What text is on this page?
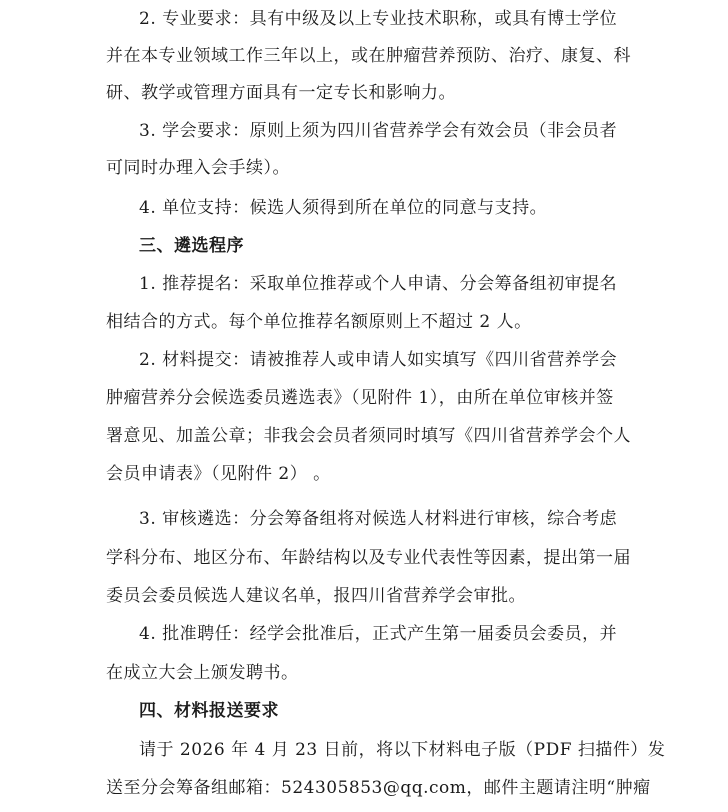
2. 专业要求：具有中级及以上专业技术职称，或具有博士学位
并在本专业领域工作三年以上，或在肿瘤营养预防、治疗、康复、科
研、教学或管理方面具有一定专长和影响力。
3. 学会要求：原则上须为四川省营养学会有效会员（非会员者
可同时办理入会手续）。
4. 单位支持：候选人须得到所在单位的同意与支持。
三、遴选程序
1. 推荐提名：采取单位推荐或个人申请、分会筹备组初审提名
相结合的方式。每个单位推荐名额原则上不超过 2 人。
2. 材料提交：请被推荐人或申请人如实填写《四川省营养学会
肿瘤营养分会候选委员遴选表》（见附件 1），由所在单位审核并签
署意见、加盖公章；非我会会员者须同时填写《四川省营养学会个人
会员申请表》（见附件 2） 。
3. 审核遴选：分会筹备组将对候选人材料进行审核，综合考虑
学科分布、地区分布、年龄结构以及专业代表性等因素，提出第一届
委员会委员候选人建议名单，报四川省营养学会审批。
4. 批准聘任：经学会批准后，正式产生第一届委员会委员，并
在成立大会上颁发聘书。
四、材料报送要求
请于 2026 年 4 月 23 日前，将以下材料电子版（PDF 扫描件）发
送至分会筹备组邮箱：524305853@qq.com，邮件主题请注明“肿瘤
